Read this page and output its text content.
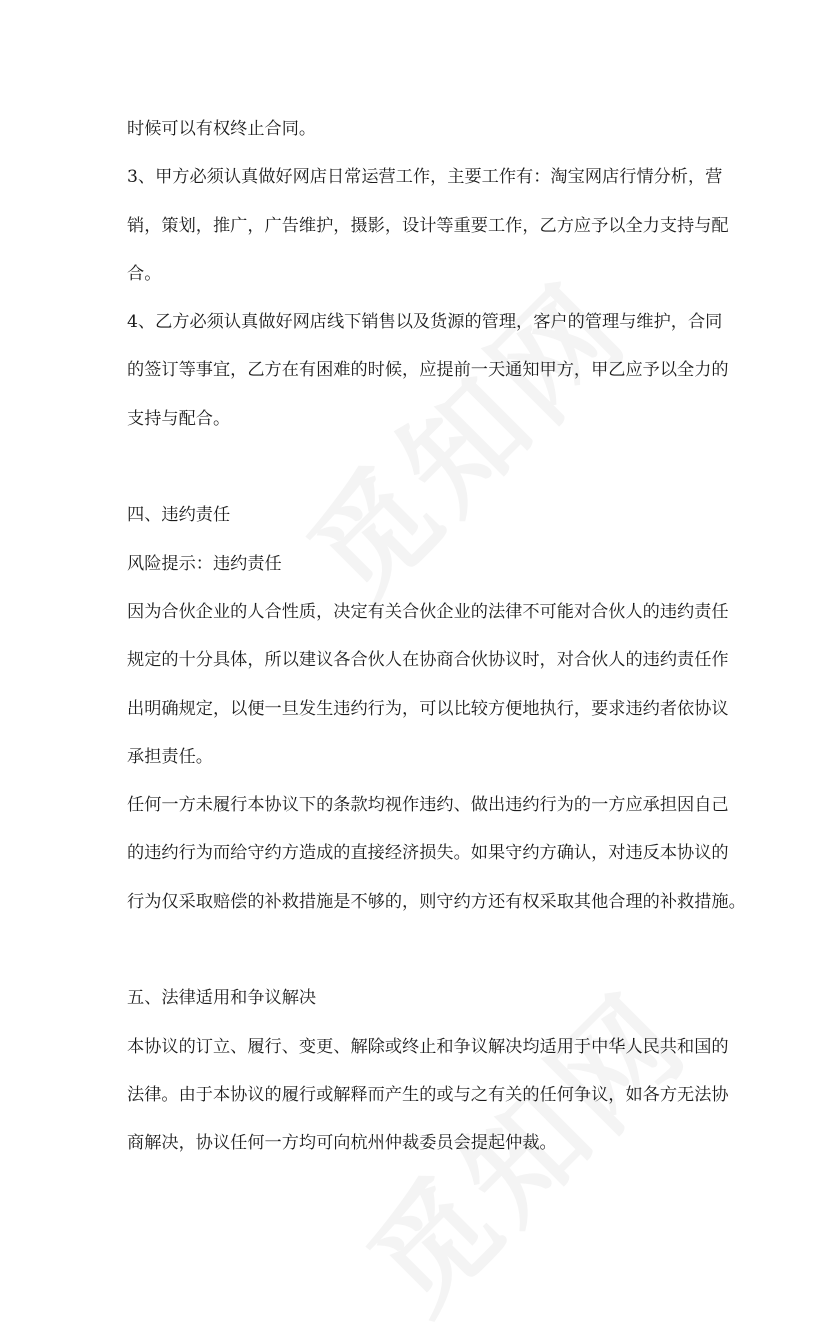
时候可以有权终止合同。
3、甲方必须认真做好网店日常运营工作，主要工作有：淘宝网店行情分析，营
销，策划，推广，广告维护，摄影，设计等重要工作，乙方应予以全力支持与配
合。
4、乙方必须认真做好网店线下销售以及货源的管理，客户的管理与维护，合同
的签订等事宜，乙方在有困难的时候，应提前一天通知甲方，甲乙应予以全力的
支持与配合。
四、违约责任
风险提示：违约责任
因为合伙企业的人合性质，决定有关合伙企业的法律不可能对合伙人的违约责任
规定的十分具体，所以建议各合伙人在协商合伙协议时，对合伙人的违约责任作
出明确规定，以便一旦发生违约行为，可以比较方便地执行，要求违约者依协议
承担责任。
任何一方未履行本协议下的条款均视作违约、做出违约行为的一方应承担因自己
的违约行为而给守约方造成的直接经济损失。如果守约方确认，对违反本协议的
行为仅采取赔偿的补救措施是不够的，则守约方还有权采取其他合理的补救措施。
五、法律适用和争议解决
本协议的订立、履行、变更、解除或终止和争议解决均适用于中华人民共和国的
法律。由于本协议的履行或解释而产生的或与之有关的任何争议，如各方无法协
商解决，协议任何一方均可向杭州仲裁委员会提起仲裁。
